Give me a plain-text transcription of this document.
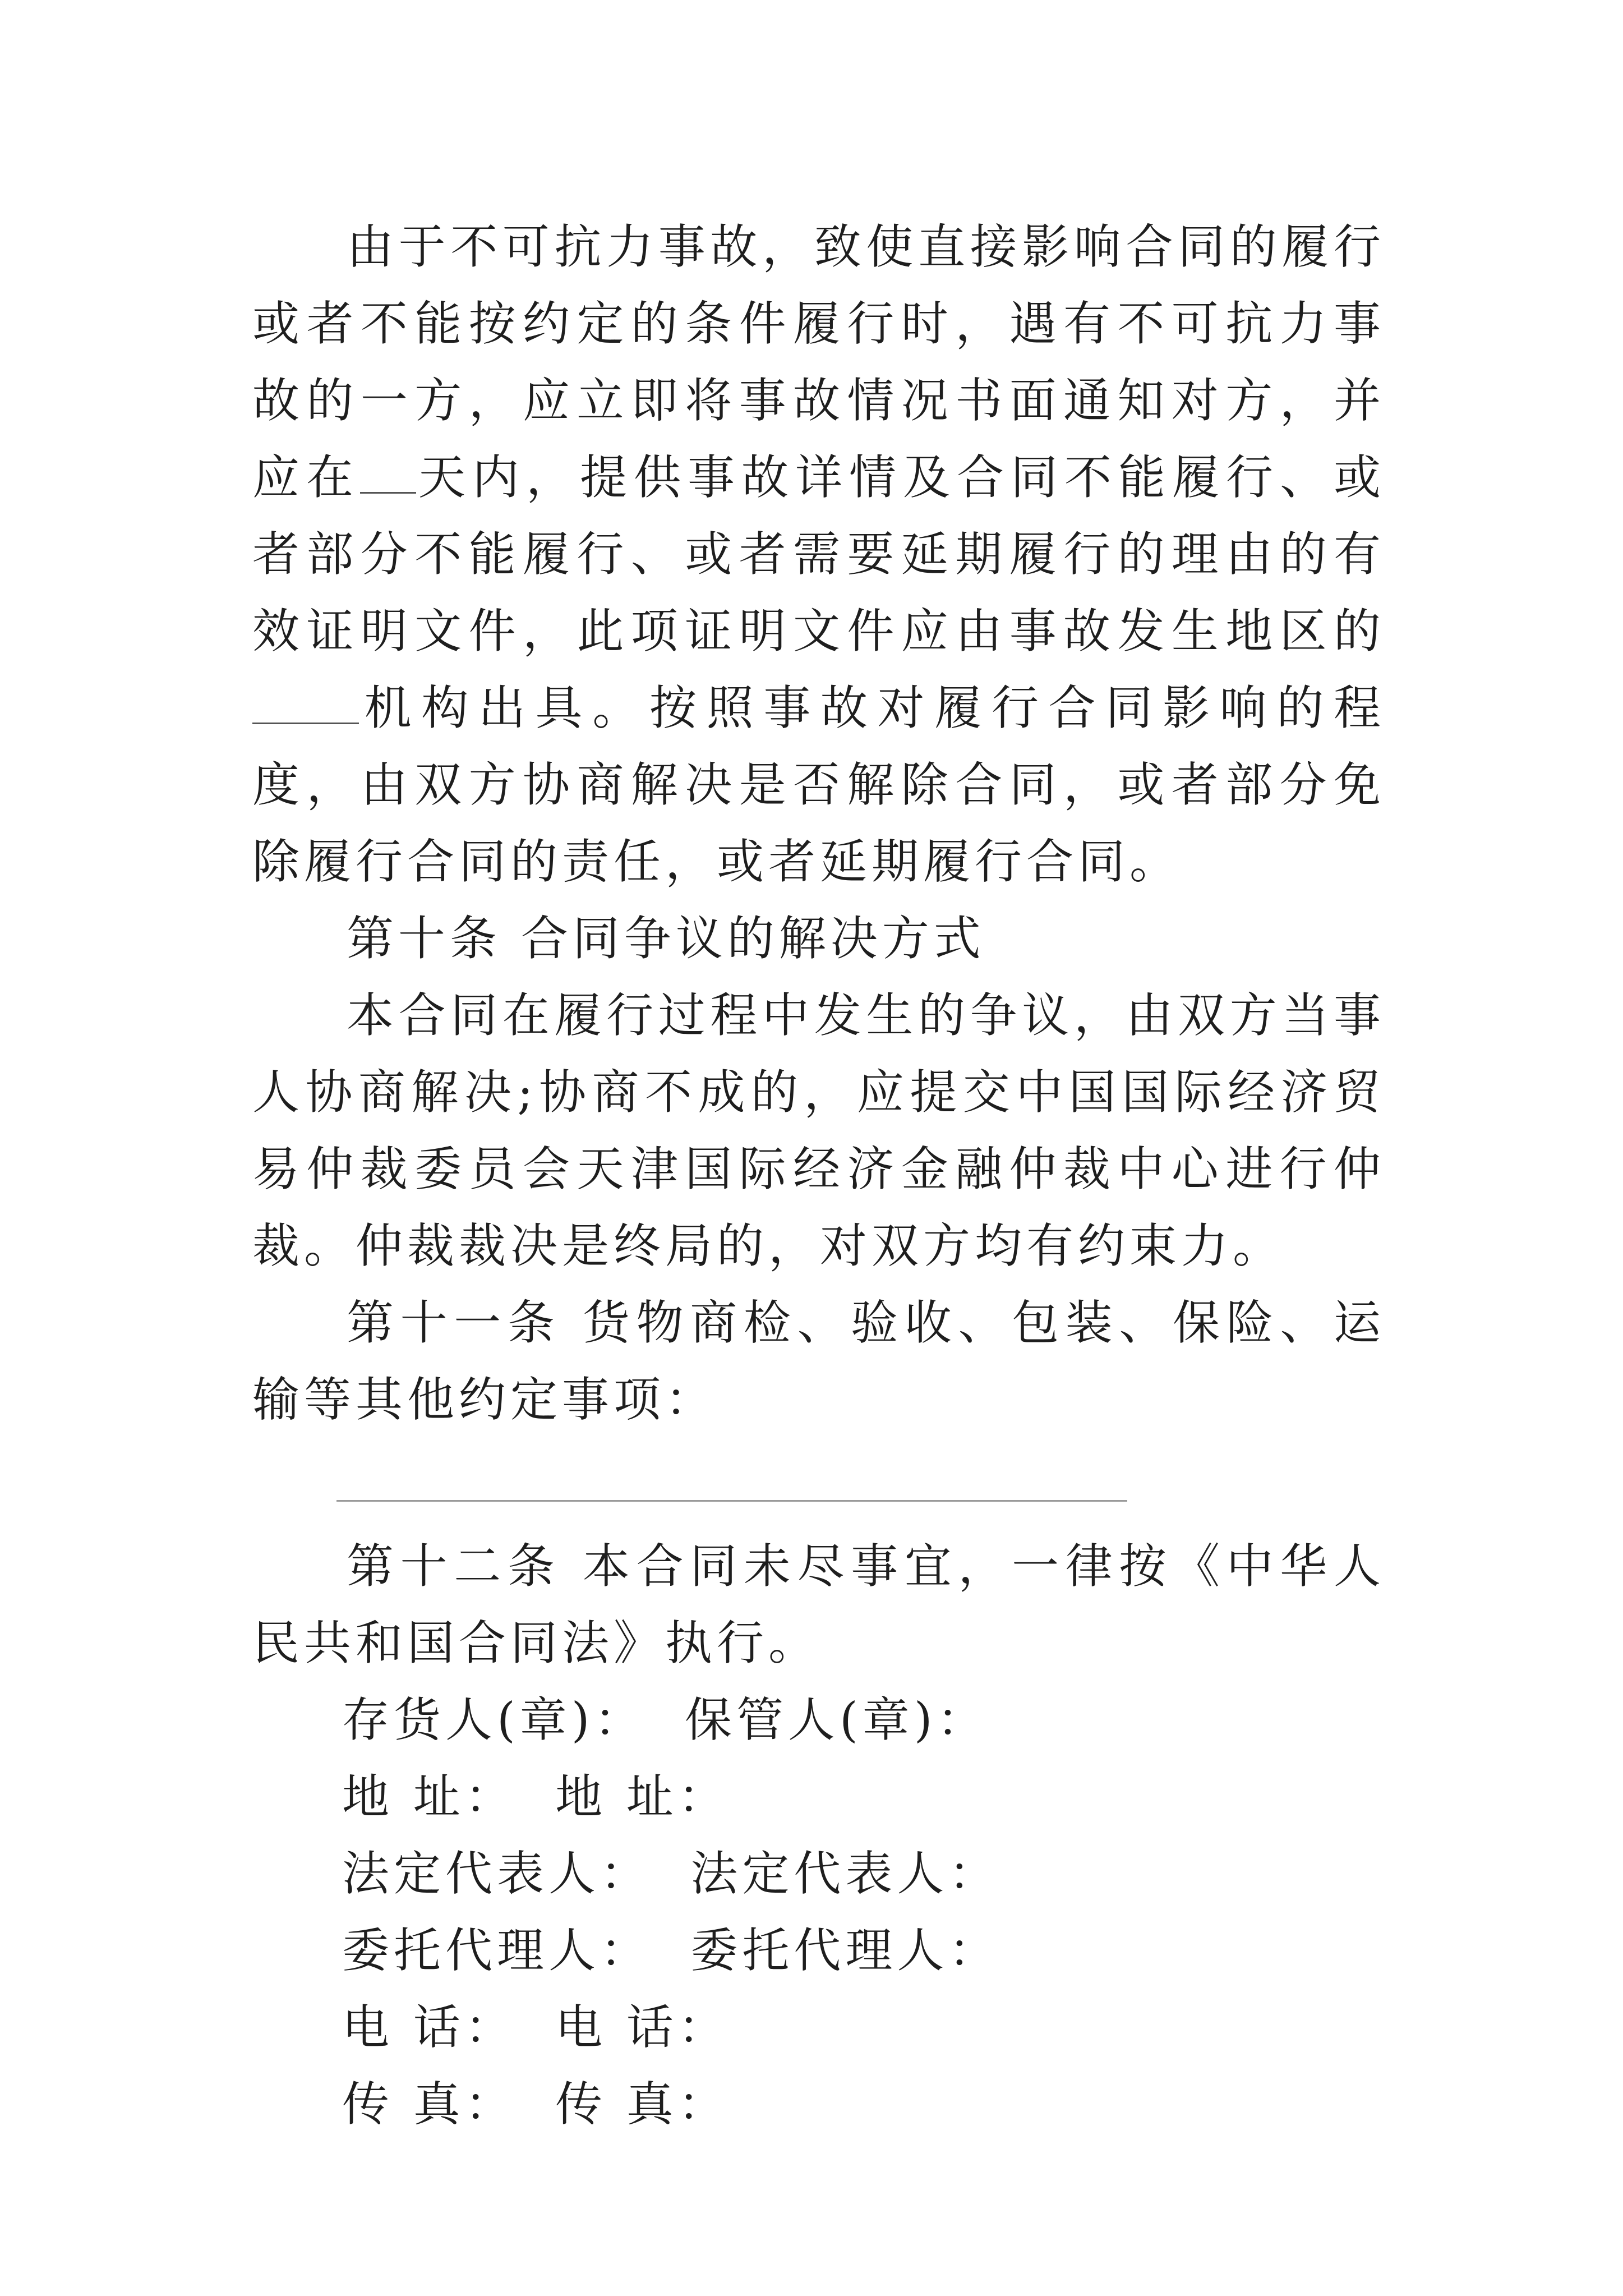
由于不可抗力事故，致使直接影响合同的履行或者不能按约定的条件履行时，遇有不可抗力事故的一方，应立即将事故情况书面通知对方，并应在 天内，提供事故详情及合同不能履行、或者部分不能履行、或者需要延期履行的理由的有效证明文件，此项证明文件应由事故发生地区的机构出具。按照事故对履行合同影响的程度，由双方协商解决是否解除合同，或者部分免除履行合同的责任，或者延期履行合同。

第十条 合同争议的解决方式

本合同在履行过程中发生的争议，由双方当事人协商解决;协商不成的，应提交中国国际经济贸易仲裁委员会天津国际经济金融仲裁中心进行仲裁。仲裁裁决是终局的，对双方均有约束力。

第十一条 货物商检、验收、包装、保险、运输等其他约定事项：

第十二条 本合同未尽事宜，一律按《中华人民共和国合同法》执行。

存货人(章)： 保管人(章)：
地 址： 地 址：
法定代表人： 法定代表人：
委托代理人： 委托代理人：
电 话： 电 话：
传 真： 传 真：
